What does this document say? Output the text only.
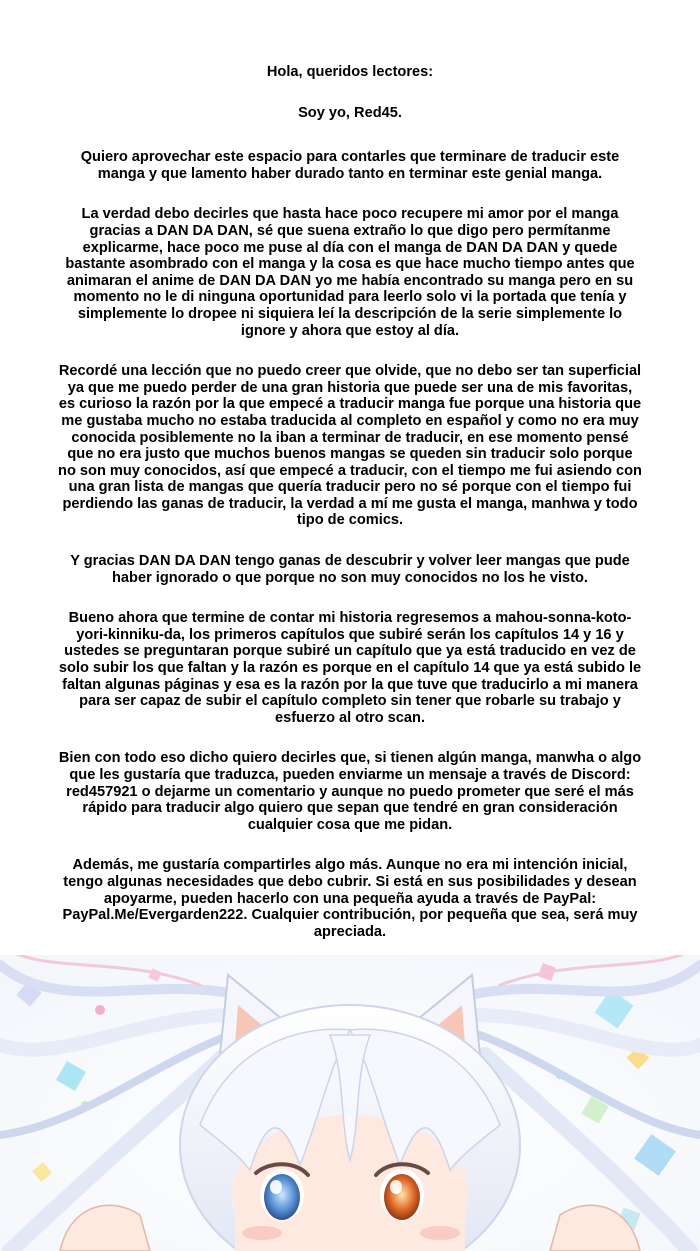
Hola, queridos lectores:

Soy yo, Red45.

Quiero aprovechar este espacio para contarles que terminare de traducir este manga y que lamento haber durado tanto en terminar este genial manga.

La verdad debo decirles que hasta hace poco recupere mi amor por el manga gracias a DAN DA DAN, sé que suena extraño lo que digo pero permítanme explicarme, hace poco me puse al día con el manga de DAN DA DAN y quede bastante asombrado con el manga y la cosa es que hace mucho tiempo antes que animaran el anime de DAN DA DAN yo me había encontrado su manga pero en su momento no le di ninguna oportunidad para leerlo solo vi la portada que tenía y simplemente lo dropee ni siquiera leí la descripción de la serie simplemente lo ignore y ahora que estoy al día.

Recordé una lección que no puedo creer que olvide, que no debo ser tan superficial ya que me puedo perder de una gran historia que puede ser una de mis favoritas, es curioso la razón por la que empecé a traducir manga fue porque una historia que me gustaba mucho no estaba traducida al completo en español y como no era muy conocida posiblemente no la iban a terminar de traducir, en ese momento pensé que no era justo que muchos buenos mangas se queden sin traducir solo porque no son muy conocidos, así que empecé a traducir, con el tiempo me fui asiendo con una gran lista de mangas que quería traducir pero no sé porque con el tiempo fui perdiendo las ganas de traducir, la verdad a mí me gusta el manga, manhwa y todo tipo de comics.

Y gracias DAN DA DAN tengo ganas de descubrir y volver leer mangas que pude haber ignorado o que porque no son muy conocidos no los he visto.

Bueno ahora que termine de contar mi historia regresemos a mahou-sonna-koto-yori-kinniku-da, los primeros capítulos que subiré serán los capítulos 14 y 16 y ustedes se preguntaran porque subiré un capítulo que ya está traducido en vez de solo subir los que faltan y la razón es porque en el capítulo 14 que ya está subido le faltan algunas páginas y esa es la razón por la que tuve que traducirlo a mi manera para ser capaz de subir el capítulo completo sin tener que robarle su trabajo y esfuerzo al otro scan.

Bien con todo eso dicho quiero decirles que, si tienen algún manga, manwha o algo que les gustaría que traduzca, pueden enviarme un mensaje a través de Discord: red457921 o dejarme un comentario y aunque no puedo prometer que seré el más rápido para traducir algo quiero que sepan que tendré en gran consideración cualquier cosa que me pidan.

Además, me gustaría compartirles algo más. Aunque no era mi intención inicial, tengo algunas necesidades que debo cubrir. Si está en sus posibilidades y desean apoyarme, pueden hacerlo con una pequeña ayuda a través de PayPal: PayPal.Me/Evergarden222. Cualquier contribución, por pequeña que sea, será muy apreciada.
